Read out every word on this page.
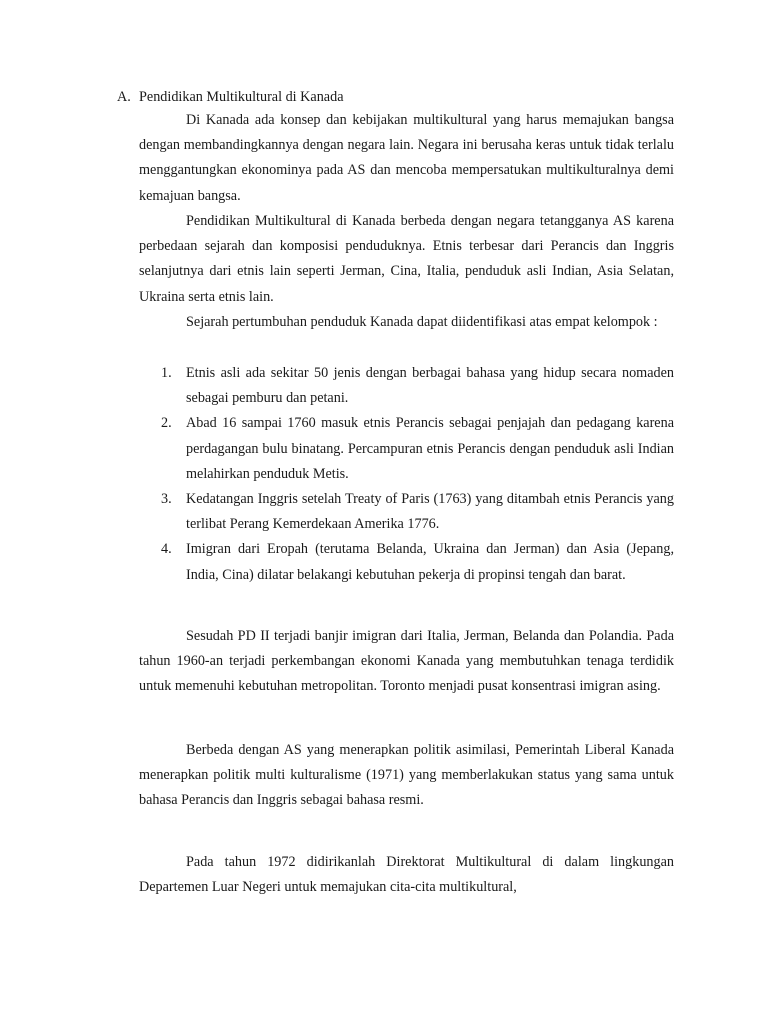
A. Pendidikan Multikultural di Kanada

Di Kanada ada konsep dan kebijakan multikultural yang harus memajukan bangsa dengan membandingkannya dengan negara lain. Negara ini berusaha keras untuk tidak terlalu menggantungkan ekonominya pada AS dan mencoba mempersatukan multikulturalnya demi kemajuan bangsa.

Pendidikan Multikultural di Kanada berbeda dengan negara tetangganya AS karena perbedaan sejarah dan komposisi penduduknya. Etnis terbesar dari Perancis dan Inggris selanjutnya dari etnis lain seperti Jerman, Cina, Italia, penduduk asli Indian, Asia Selatan, Ukraina serta etnis lain.

Sejarah pertumbuhan penduduk Kanada dapat diidentifikasi atas empat kelompok :

1. Etnis asli ada sekitar 50 jenis dengan berbagai bahasa yang hidup secara nomaden sebagai pemburu dan petani.
2. Abad 16 sampai 1760 masuk etnis Perancis sebagai penjajah dan pedagang karena perdagangan bulu binatang. Percampuran etnis Perancis dengan penduduk asli Indian melahirkan penduduk Metis.
3. Kedatangan Inggris setelah Treaty of Paris (1763) yang ditambah etnis Perancis yang terlibat Perang Kemerdekaan Amerika 1776.
4. Imigran dari Eropah (terutama Belanda, Ukraina dan Jerman) dan Asia (Jepang, India, Cina) dilatar belakangi kebutuhan pekerja di propinsi tengah dan barat.

Sesudah PD II terjadi banjir imigran dari Italia, Jerman, Belanda dan Polandia. Pada tahun 1960-an terjadi perkembangan ekonomi Kanada yang membutuhkan tenaga terdidik untuk memenuhi kebutuhan metropolitan. Toronto menjadi pusat konsentrasi imigran asing.

Berbeda dengan AS yang menerapkan politik asimilasi, Pemerintah Liberal Kanada menerapkan politik multi kulturalisme (1971) yang memberlakukan status yang sama untuk bahasa Perancis dan Inggris sebagai bahasa resmi.

Pada tahun 1972 didirikanlah Direktorat Multikultural di dalam lingkungan Departemen Luar Negeri untuk memajukan cita-cita multikultural,
